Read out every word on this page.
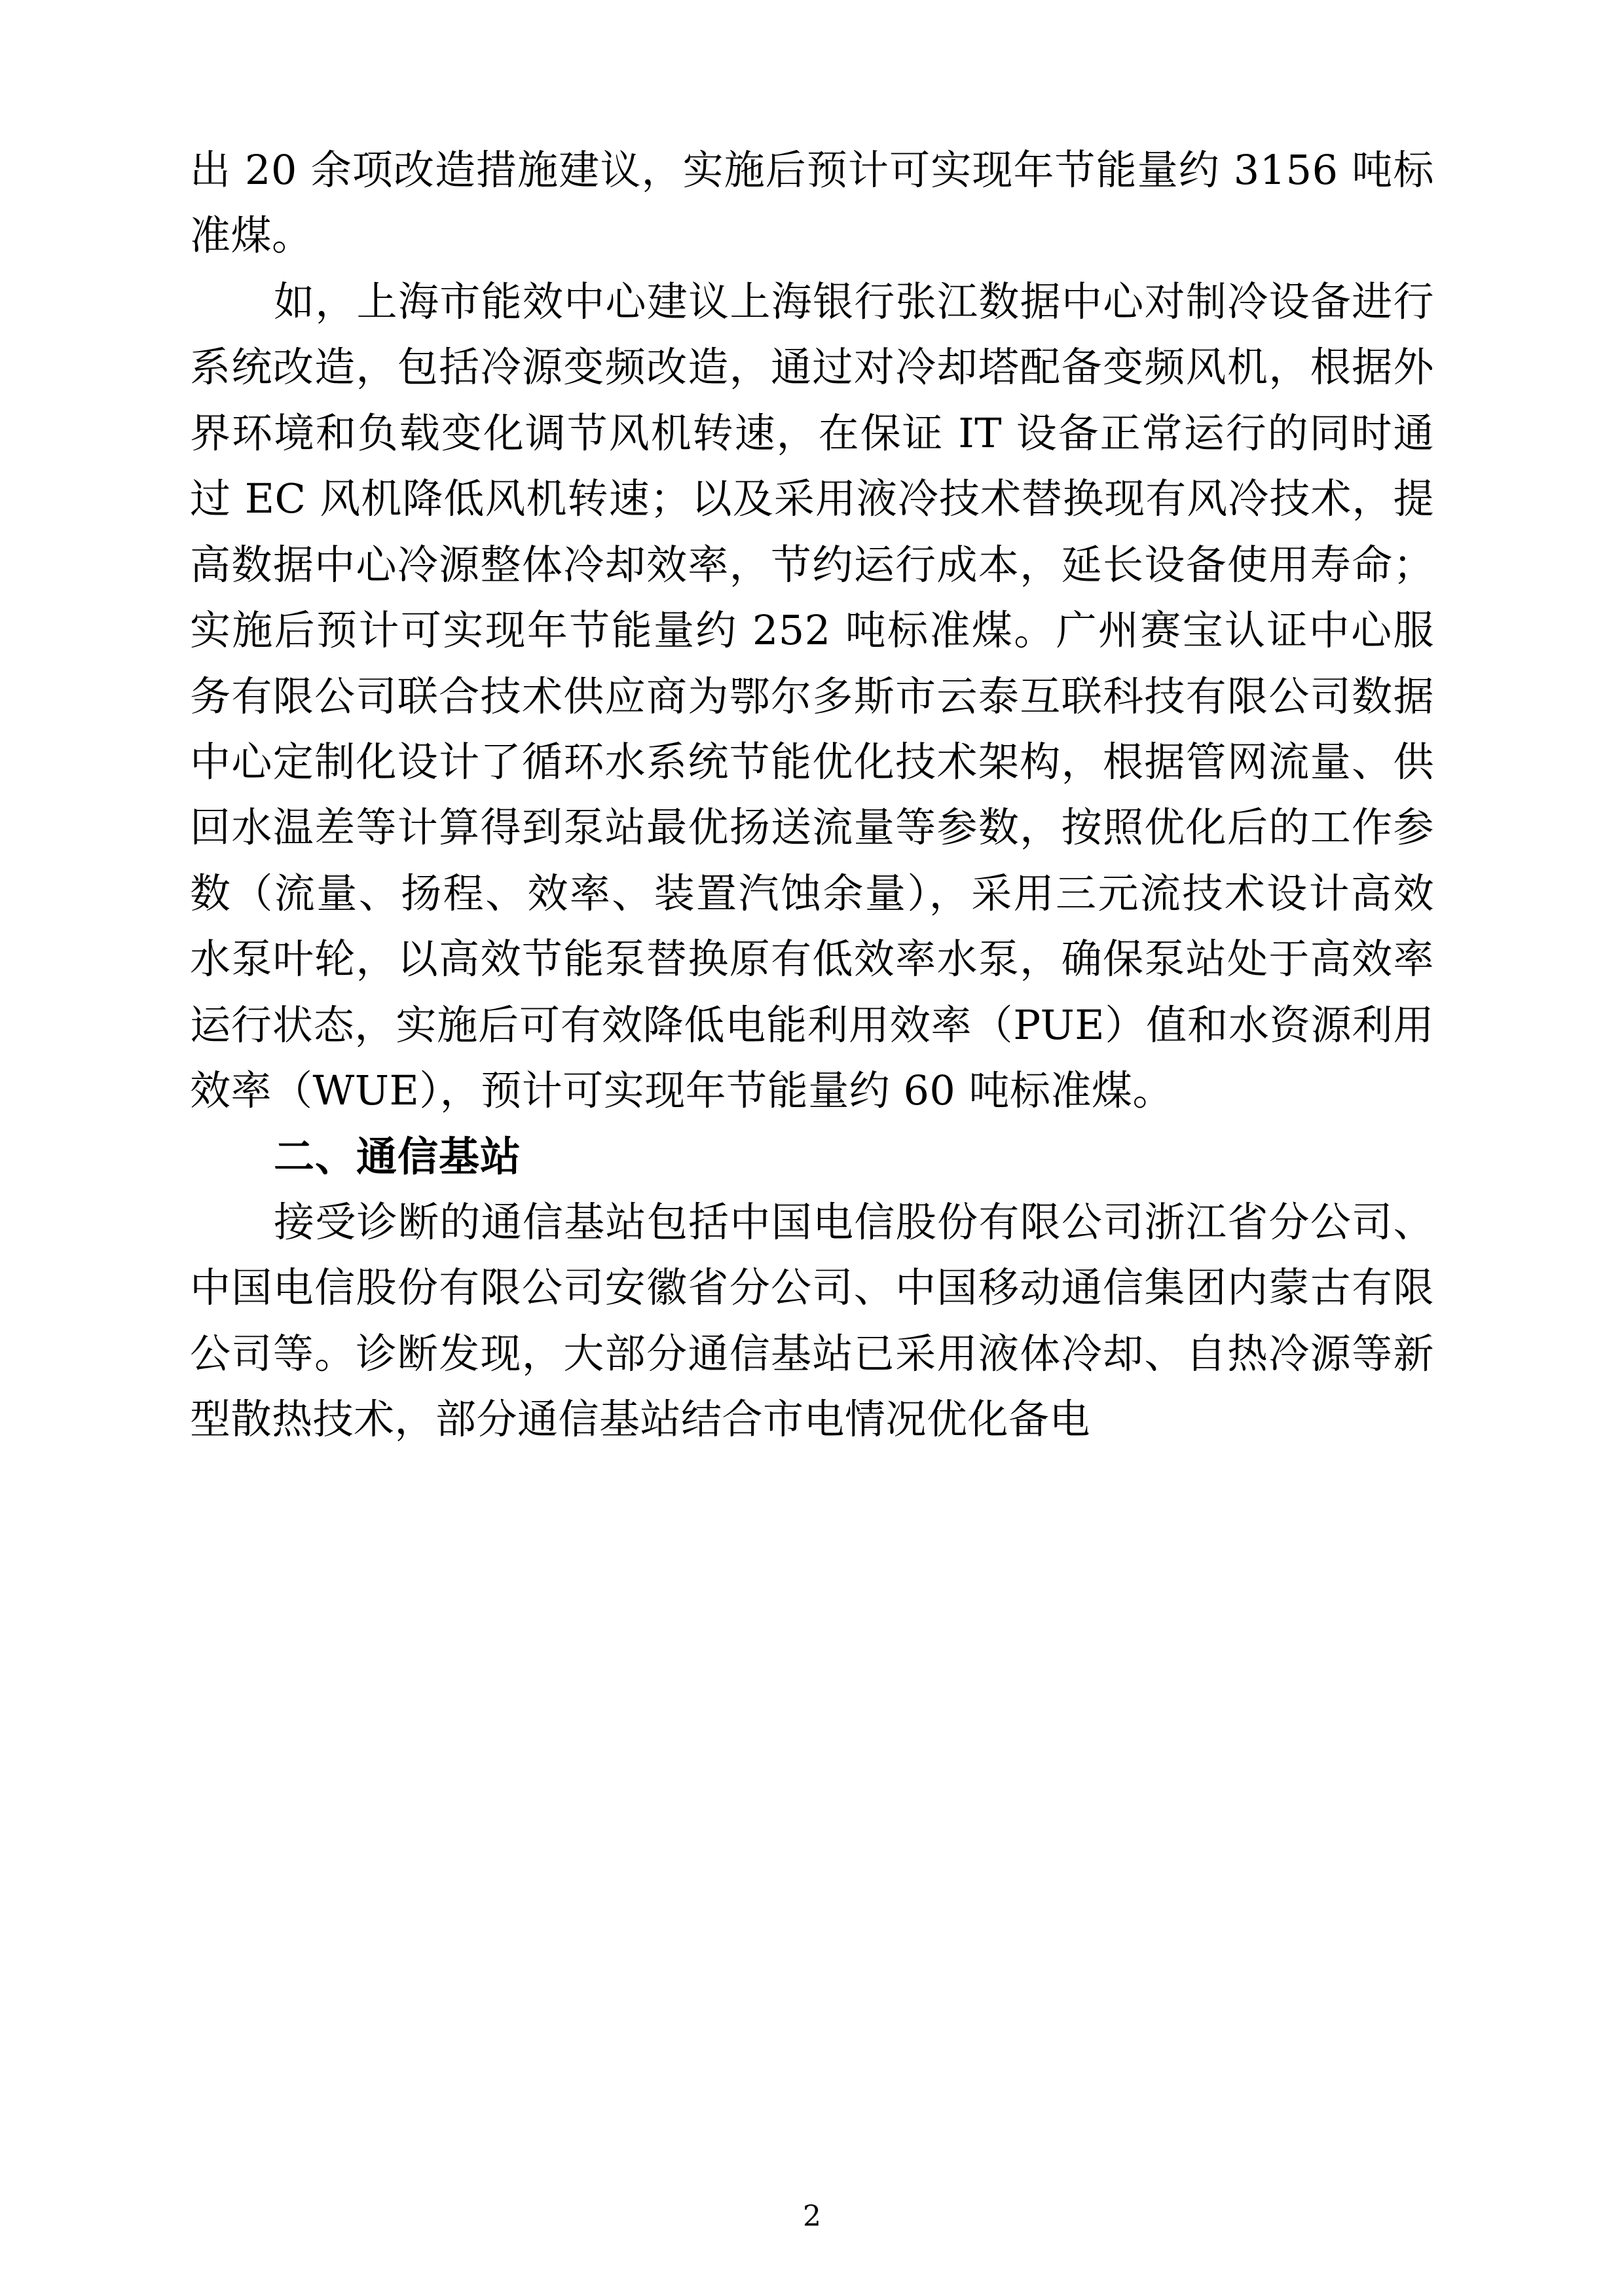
出 20 余项改造措施建议，实施后预计可实现年节能量约 3156 吨标准煤。

如，上海市能效中心建议上海银行张江数据中心对制冷设备进行系统改造，包括冷源变频改造，通过对冷却塔配备变频风机，根据外界环境和负载变化调节风机转速，在保证 IT 设备正常运行的同时通过 EC 风机降低风机转速；以及采用液冷技术替换现有风冷技术，提高数据中心冷源整体冷却效率，节约运行成本，延长设备使用寿命；实施后预计可实现年节能量约 252 吨标准煤。广州赛宝认证中心服务有限公司联合技术供应商为鄂尔多斯市云泰互联科技有限公司数据中心定制化设计了循环水系统节能优化技术架构，根据管网流量、供回水温差等计算得到泵站最优扬送流量等参数，按照优化后的工作参数（流量、扬程、效率、装置汽蚀余量），采用三元流技术设计高效水泵叶轮，以高效节能泵替换原有低效率水泵，确保泵站处于高效率运行状态，实施后可有效降低电能利用效率（PUE）值和水资源利用效率（WUE），预计可实现年节能量约 60 吨标准煤。

二、通信基站

接受诊断的通信基站包括中国电信股份有限公司浙江省分公司、中国电信股份有限公司安徽省分公司、中国移动通信集团内蒙古有限公司等。诊断发现，大部分通信基站已采用液体冷却、自热冷源等新型散热技术，部分通信基站结合市电情况优化备电

2
